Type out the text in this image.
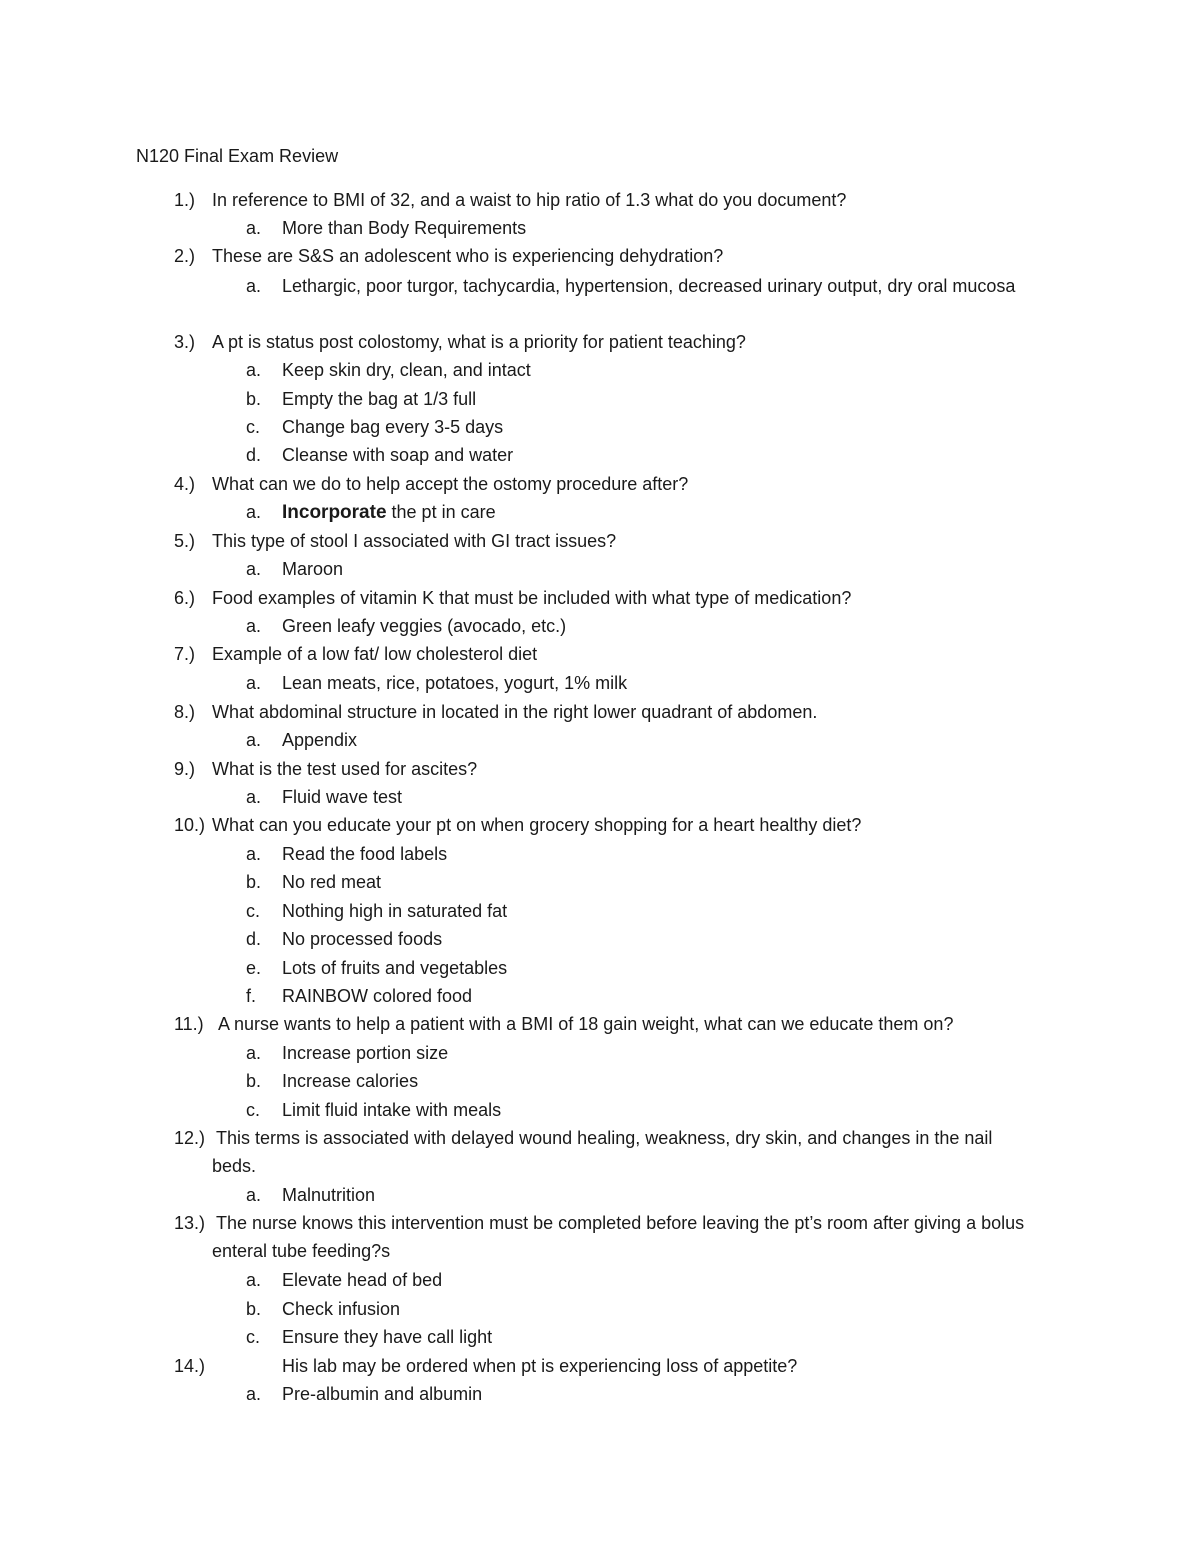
N120 Final Exam Review
1.) In reference to BMI of 32, and a waist to hip ratio of 1.3 what do you document?
a. More than Body Requirements
2.) These are S&S an adolescent who is experiencing dehydration?
a. Lethargic, poor turgor, tachycardia, hypertension, decreased urinary output, dry oral mucosa
3.) A pt is status post colostomy, what is a priority for patient teaching?
a. Keep skin dry, clean, and intact
b. Empty the bag at 1/3 full
c. Change bag every 3-5 days
d. Cleanse with soap and water
4.) What can we do to help accept the ostomy procedure after?
a. Incorporate the pt in care
5.) This type of stool I associated with GI tract issues?
a. Maroon
6.) Food examples of vitamin K that must be included with what type of medication?
a. Green leafy veggies (avocado, etc.)
7.) Example of a low fat/ low cholesterol diet
a. Lean meats, rice, potatoes, yogurt, 1% milk
8.) What abdominal structure in located in the right lower quadrant of abdomen.
a. Appendix
9.) What is the test used for ascites?
a. Fluid wave test
10.) What can you educate your pt on when grocery shopping for a heart healthy diet?
a. Read the food labels
b. No red meat
c. Nothing high in saturated fat
d. No processed foods
e. Lots of fruits and vegetables
f. RAINBOW colored food
11.) A nurse wants to help a patient with a BMI of 18 gain weight, what can we educate them on?
a. Increase portion size
b. Increase calories
c. Limit fluid intake with meals
12.) This terms is associated with delayed wound healing, weakness, dry skin, and changes in the nail beds.
a. Malnutrition
13.) The nurse knows this intervention must be completed before leaving the pt’s room after giving a bolus enteral tube feeding?s
a. Elevate head of bed
b. Check infusion
c. Ensure they have call light
14.)	His lab may be ordered when pt is experiencing loss of appetite?
a. Pre-albumin and albumin
